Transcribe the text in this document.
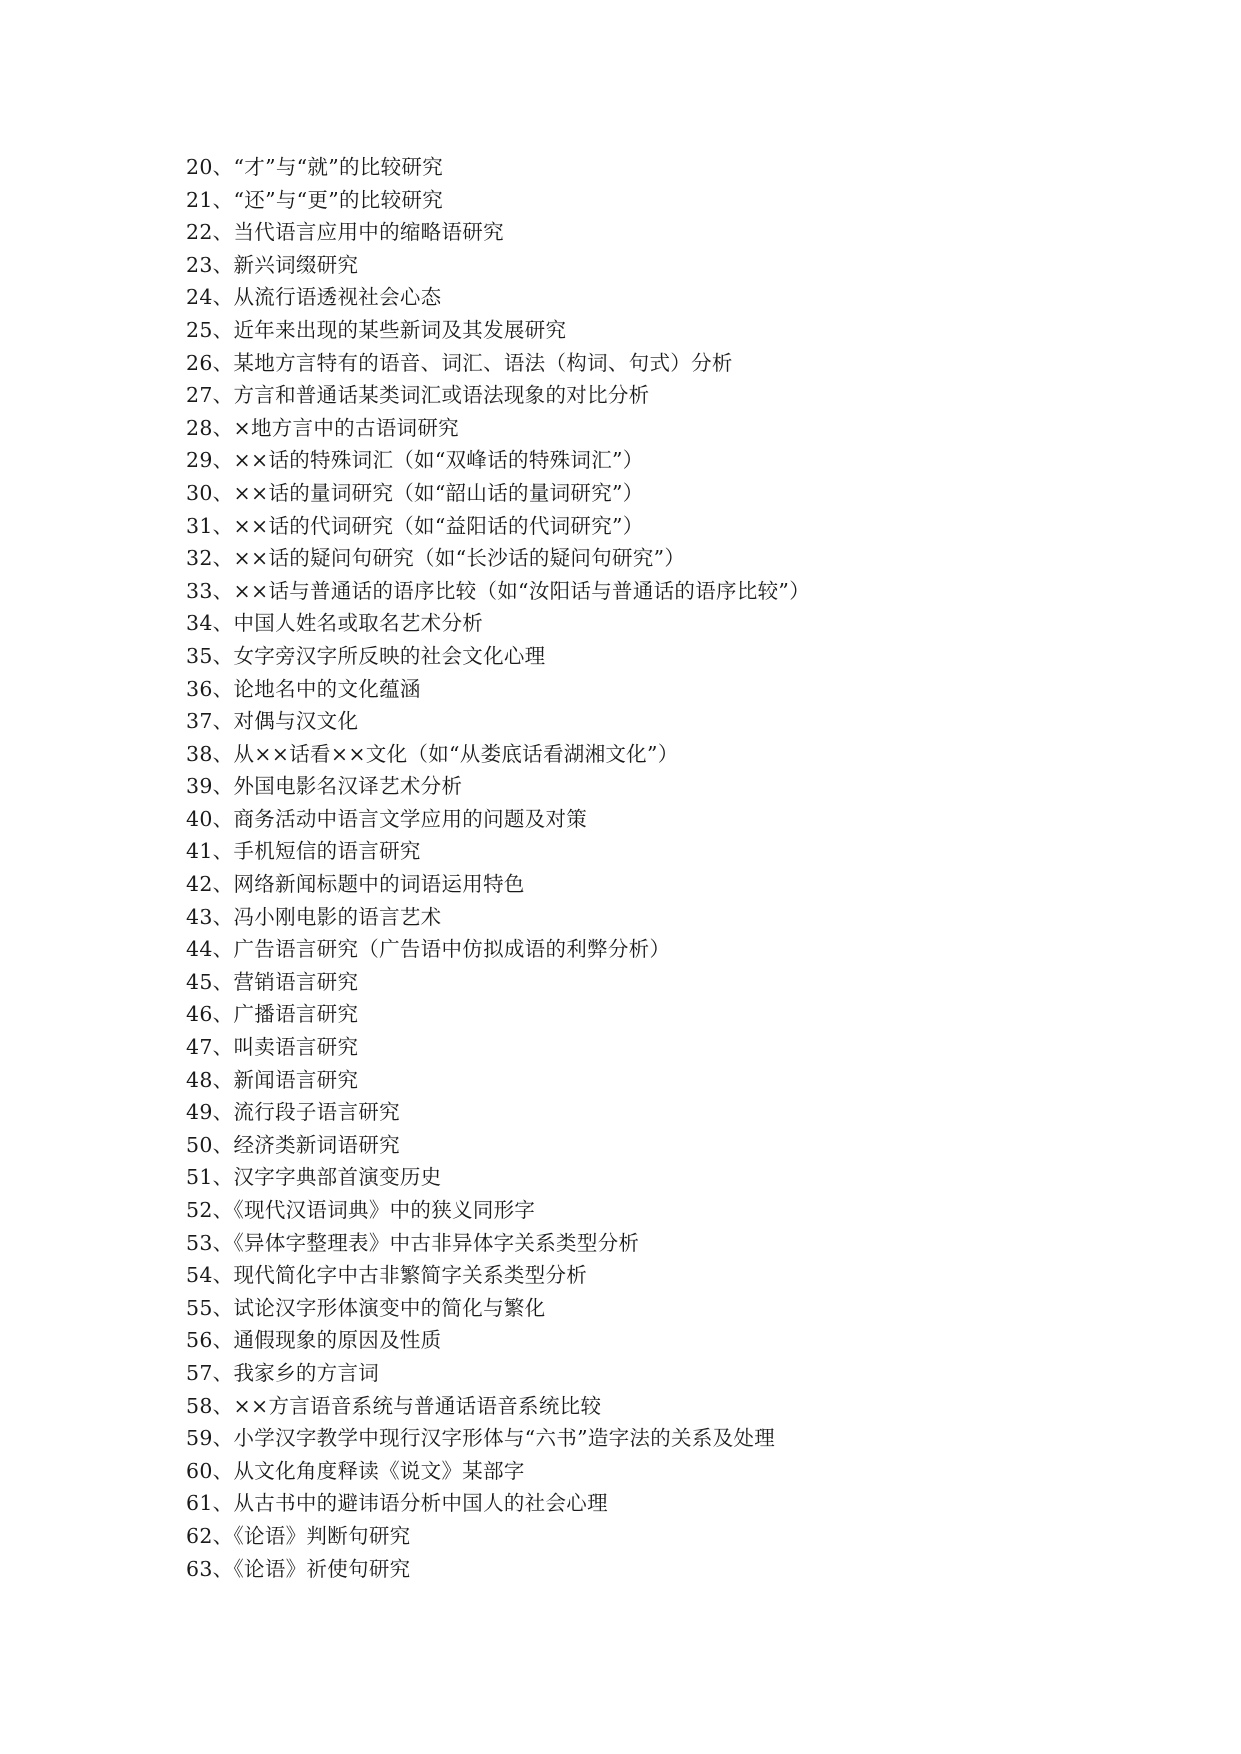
20、“才”与“就”的比较研究
21、“还”与“更”的比较研究
22、当代语言应用中的缩略语研究
23、新兴词缀研究
24、从流行语透视社会心态
25、近年来出现的某些新词及其发展研究
26、某地方言特有的语音、词汇、语法（构词、句式）分析
27、方言和普通话某类词汇或语法现象的对比分析
28、×地方言中的古语词研究
29、××话的特殊词汇（如“双峰话的特殊词汇”）
30、××话的量词研究（如“韶山话的量词研究”）
31、××话的代词研究（如“益阳话的代词研究”）
32、××话的疑问句研究（如“长沙话的疑问句研究”）
33、××话与普通话的语序比较（如“汝阳话与普通话的语序比较”）
34、中国人姓名或取名艺术分析
35、女字旁汉字所反映的社会文化心理
36、论地名中的文化蕴涵
37、对偶与汉文化
38、从××话看××文化（如“从娄底话看湖湘文化”）
39、外国电影名汉译艺术分析
40、商务活动中语言文学应用的问题及对策
41、手机短信的语言研究
42、网络新闻标题中的词语运用特色
43、冯小刚电影的语言艺术
44、广告语言研究（广告语中仿拟成语的利弊分析）
45、营销语言研究
46、广播语言研究
47、叫卖语言研究
48、新闻语言研究
49、流行段子语言研究
50、经济类新词语研究
51、汉字字典部首演变历史
52、《现代汉语词典》中的狭义同形字
53、《异体字整理表》中古非异体字关系类型分析
54、现代简化字中古非繁简字关系类型分析
55、试论汉字形体演变中的简化与繁化
56、通假现象的原因及性质
57、我家乡的方言词
58、××方言语音系统与普通话语音系统比较
59、小学汉字教学中现行汉字形体与“六书”造字法的关系及处理
60、从文化角度释读《说文》某部字
61、从古书中的避讳语分析中国人的社会心理
62、《论语》判断句研究
63、《论语》祈使句研究
